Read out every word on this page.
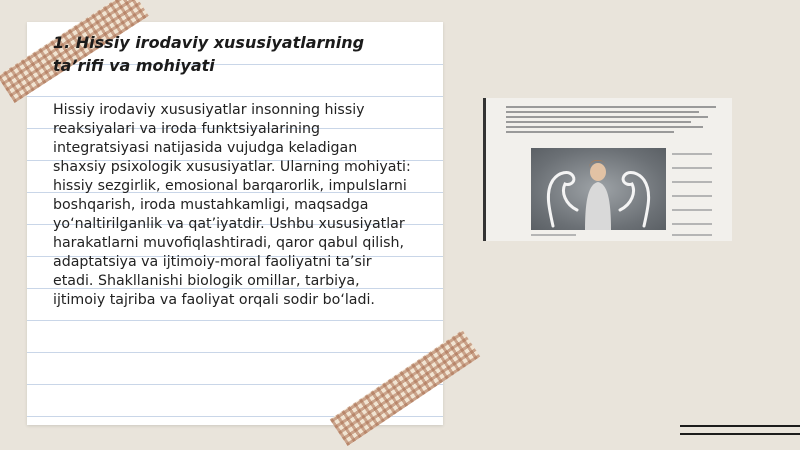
1. Hissiy irodaviy xususiyatlarning ta’rifi va mohiyati

Hissiy irodaviy xususiyatlar insonning hissiy reaksiyalari va iroda funktsiyalarining integratsiyasi natijasida vujudga keladigan shaxsiy psixologik xususiyatlar. Ularning mohiyati: hissiy sezgirlik, emosional barqarorlik, impulslarni boshqarish, iroda mustahkamligi, maqsadga yo‘naltirilganlik va qat’iyatdir. Ushbu xususiyatlar harakatlarni muvofiqlashtiradi, qaror qabul qilish, adaptatsiya va ijtimoiy-moral faoliyatni ta’sir etadi. Shakllanishi biologik omillar, tarbiya, ijtimoiy tajriba va faoliyat orqali sodir bo‘ladi.
